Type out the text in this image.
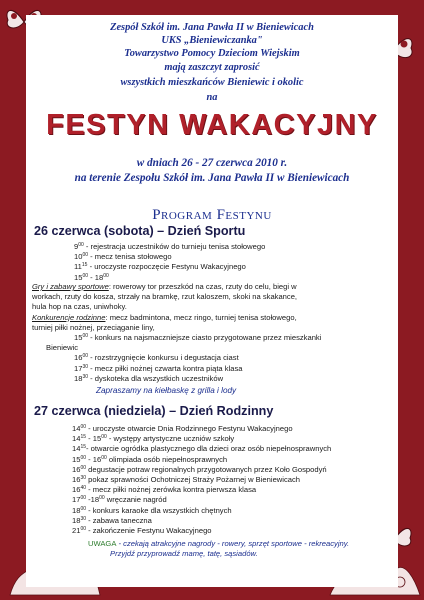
Zespół Szkół im. Jana Pawła II w Bieniewicach
UKS „Bieniewiczanka"
Towarzystwo Pomocy Dzieciom Wiejskim
mają zaszczyt zaprosić
wszystkich mieszkańców Bieniewic i okolic
na
FESTYN WAKACYJNY
w dniach 26 - 27 czerwca 2010 r.
na terenie Zespołu Szkół im. Jana Pawła II w Bieniewicach
Program Festynu
26 czerwca (sobota) – Dzień Sportu
$9^{00}$ - rejestracja uczestników do turnieju tenisa stołowego
$10^{00}$ - mecz tenisa stołowego
$11^{15}$ - uroczyste rozpoczęcie Festynu Wakacyjnego
$15^{00} - 18^{00}$
Gry i zabawy sportowe: rowerowy tor przeszkód na czas, rzuty do celu, biegi w
workach, rzuty do kosza, strzały na bramkę, rzut kaloszem, skoki na skakance,
hula hop na czas, uniwhoky.
Konkurencje rodzinne: mecz badmintona, mecz ringo, turniej tenisa stołowego,
turniej piłki nożnej, przeciąganie liny,
$15^{00}$ - konkurs na najsmaczniejsze ciasto przygotowane przez mieszkanki
Bieniewic
$16^{00}$ - rozstrzygnięcie konkursu i degustacja ciast
$17^{30}$ - mecz piłki nożnej czwarta kontra piąta klasa
$18^{30}$ - dyskoteka dla wszystkich uczestników
Zapraszamy na kiełbaskę z grilla i lody
27 czerwca (niedziela) – Dzień Rodzinny
$14^{00}$ - uroczyste otwarcie Dnia Rodzinnego Festynu Wakacyjnego
$14^{15} - 15^{00}$ - występy artystyczne uczniów szkoły
$14^{15}-$ otwarcie ogródka plastycznego dla dzieci oraz osób niepełnosprawnych
$15^{00} - 16^{00}$ olimpiada osób niepełnosprawnych
$16^{00}$ degustacje potraw regionalnych przygotowanych przez Koło Gospodyń
$16^{30}$ pokaz sprawności Ochotniczej Straży Pożarnej w Bieniewicach
$16^{40}$ - mecz piłki nożnej zerówka kontra pierwsza klasa
$17^{00}$ $-18^{00}$ wręczanie nagród
$18^{00}$ - konkurs karaoke dla wszystkich chętnych
$18^{30}$ - zabawa taneczna
$21^{00}$ - zakończenie Festynu Wakacyjnego
UWAGA - czekają atrakcyjne nagrody - rowery, sprzęt sportowe - rekreacyjny.
Przyjdź przyprowadź mamę, tatę, sąsiadów.
